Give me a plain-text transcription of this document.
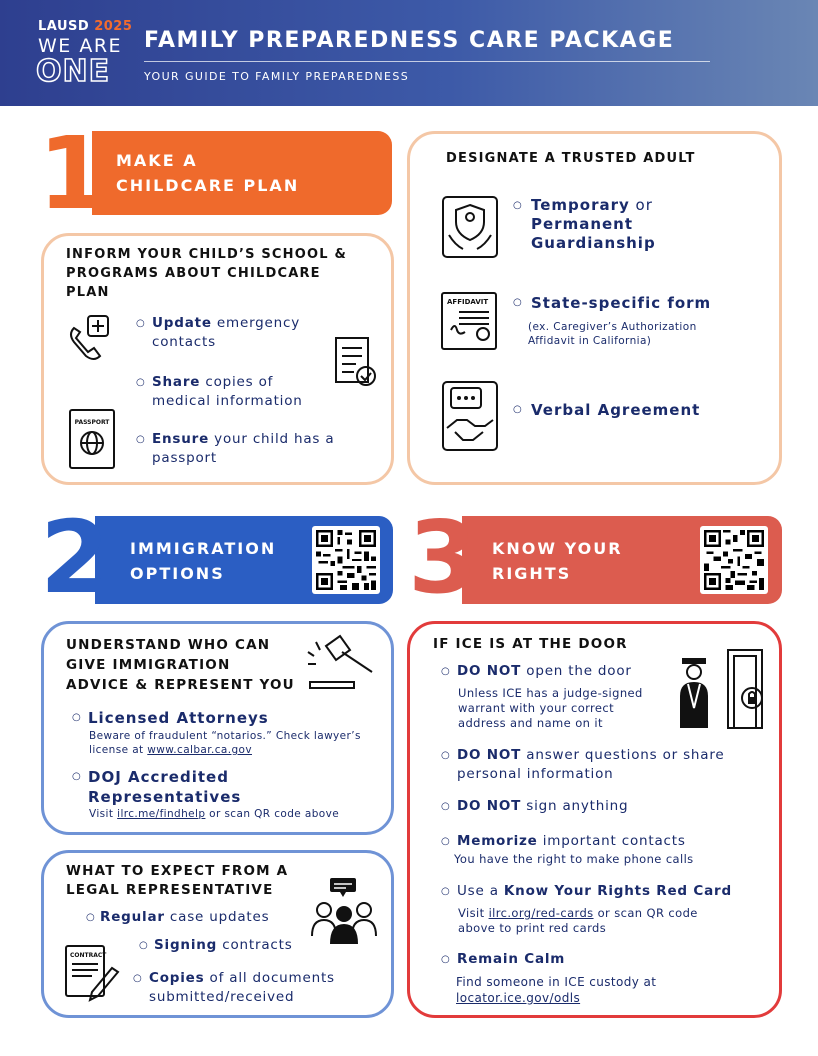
LAUSD 2025
WE ARE
ONE
FAMILY PREPAREDNESS CARE PACKAGE
YOUR GUIDE TO FAMILY PREPAREDNESS
1 MAKE A
CHILDCARE PLAN
INFORM YOUR CHILD’S SCHOOL &
PROGRAMS ABOUT CHILDCARE
PLAN
PASSPORT
○ Update emergency
contacts
○ Share copies of
medical information
○ Ensure your child has a
passport
DESIGNATE A TRUSTED ADULT
○ Temporary or
Permanent
Guardianship
AFFIDAVIT	○ State-specific form
(ex. Caregiver’s Authorization
Affidavit in California)
○ Verbal Agreement
2 IMMIGRATION
OPTIONS
UNDERSTAND WHO CAN
GIVE IMMIGRATION
ADVICE & REPRESENT YOU
○ Licensed Attorneys
Beware of fraudulent “notarios.” Check lawyer’s
license at www.calbar.ca.gov
○ DOJ Accredited
Representatives
Visit ilrc.me/findhelp or scan QR code above
WHAT TO EXPECT FROM A
LEGAL REPRESENTATIVE
CONTRACT
○ Regular case updates
○ Signing contracts
○ Copies of all documents
submitted/received
3 KNOW YOUR
RIGHTS
IF ICE IS AT THE DOOR
○ DO NOT open the door
Unless ICE has a judge-signed
warrant with your correct
address and name on it
○ DO NOT answer questions or share
personal information
○ DO NOT sign anything
○ Memorize important contacts
You have the right to make phone calls
○ Use a Know Your Rights Red Card
Visit ilrc.org/red-cards or scan QR code
above to print red cards
○ Remain Calm
Find someone in ICE custody at
locator.ice.gov/odls
